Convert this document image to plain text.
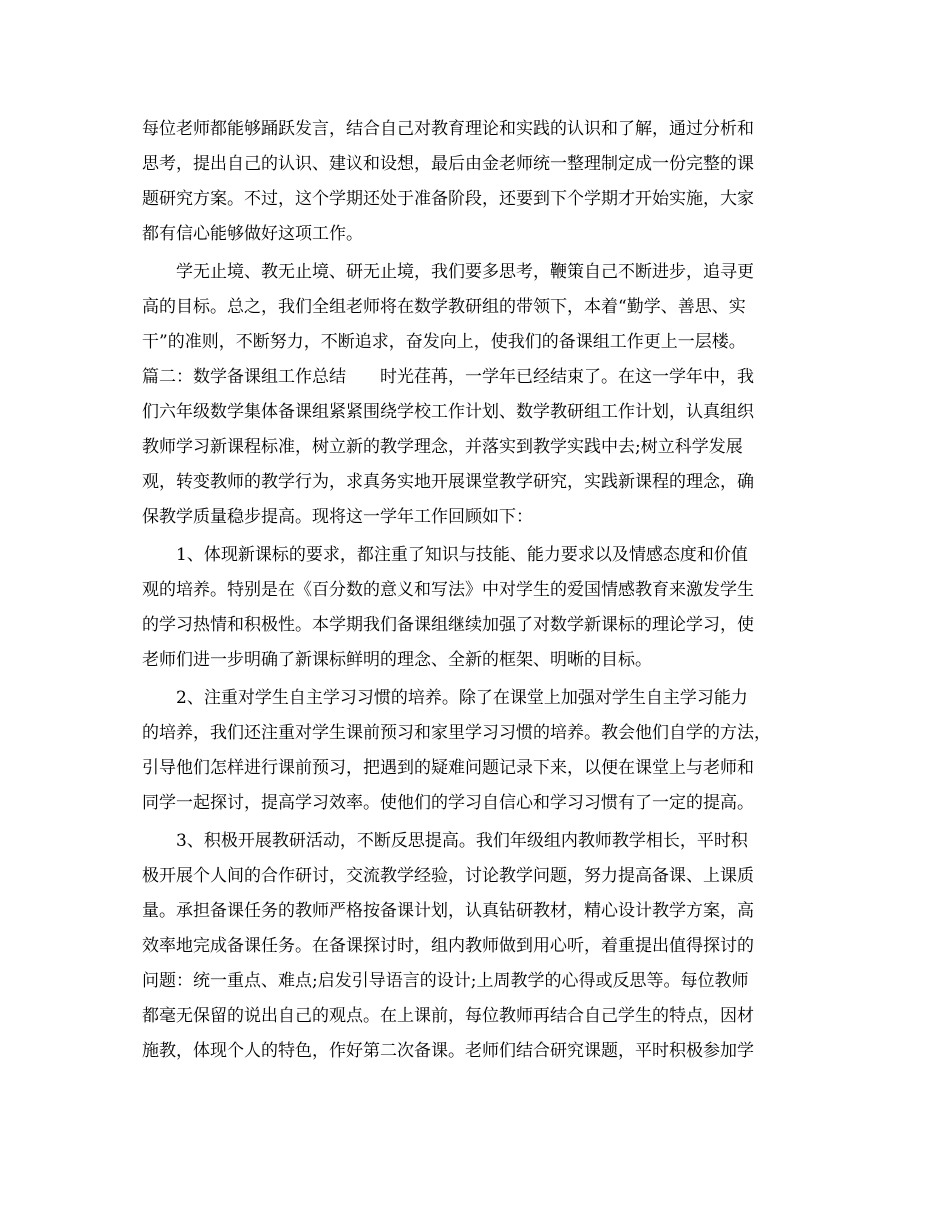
每位老师都能够踊跃发言，结合自己对教育理论和实践的认识和了解，通过分析和
思考，提出自己的认识、建议和设想，最后由金老师统一整理制定成一份完整的课
题研究方案。不过，这个学期还处于准备阶段，还要到下个学期才开始实施，大家
都有信心能够做好这项工作。
学无止境、教无止境、研无止境，我们要多思考，鞭策自己不断进步，追寻更
高的目标。总之，我们全组老师将在数学教研组的带领下，本着“勤学、善思、实
干”的准则，不断努力，不断追求，奋发向上，使我们的备课组工作更上一层楼。
篇二：数学备课组工作总结　　时光荏苒，一学年已经结束了。在这一学年中，我
们六年级数学集体备课组紧紧围绕学校工作计划、数学教研组工作计划，认真组织
教师学习新课程标准，树立新的教学理念，并落实到教学实践中去;树立科学发展
观，转变教师的教学行为，求真务实地开展课堂教学研究，实践新课程的理念，确
保教学质量稳步提高。现将这一学年工作回顾如下：
1、体现新课标的要求，都注重了知识与技能、能力要求以及情感态度和价值
观的培养。特别是在《百分数的意义和写法》中对学生的爱国情感教育来激发学生
的学习热情和积极性。本学期我们备课组继续加强了对数学新课标的理论学习，使
老师们进一步明确了新课标鲜明的理念、全新的框架、明晰的目标。
2、注重对学生自主学习习惯的培养。除了在课堂上加强对学生自主学习能力
的培养，我们还注重对学生课前预习和家里学习习惯的培养。教会他们自学的方法，
引导他们怎样进行课前预习，把遇到的疑难问题记录下来，以便在课堂上与老师和
同学一起探讨，提高学习效率。使他们的学习自信心和学习习惯有了一定的提高。
3、积极开展教研活动，不断反思提高。我们年级组内教师教学相长，平时积
极开展个人间的合作研讨，交流教学经验，讨论教学问题，努力提高备课、上课质
量。承担备课任务的教师严格按备课计划，认真钻研教材，精心设计教学方案，高
效率地完成备课任务。在备课探讨时，组内教师做到用心听，着重提出值得探讨的
问题：统一重点、难点;启发引导语言的设计;上周教学的心得或反思等。每位教师
都毫无保留的说出自己的观点。在上课前，每位教师再结合自己学生的特点，因材
施教，体现个人的特色，作好第二次备课。老师们结合研究课题，平时积极参加学
